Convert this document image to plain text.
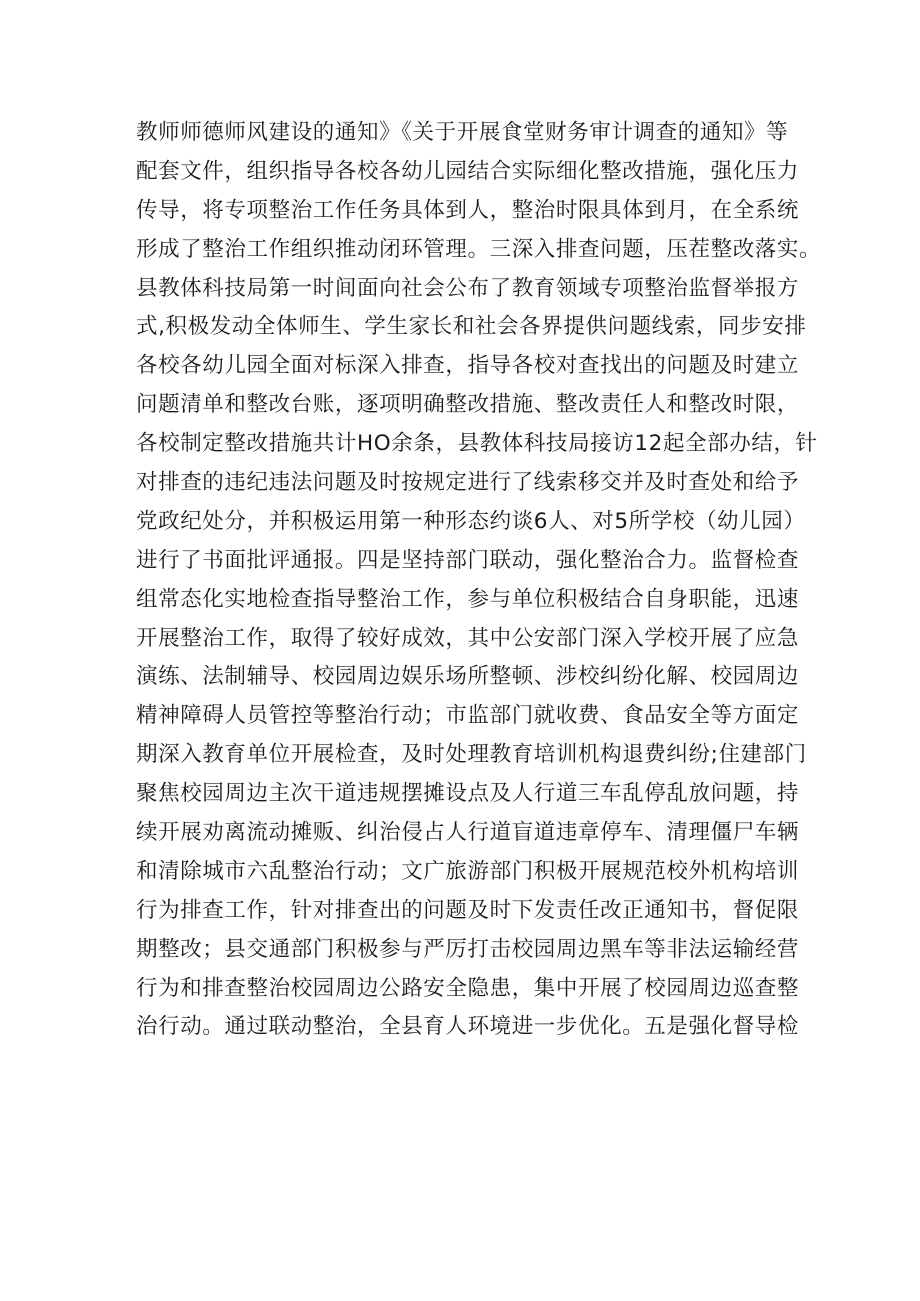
教师师德师风建设的通知》《关于开展食堂财务审计调查的通知》等
配套文件，组织指导各校各幼儿园结合实际细化整改措施，强化压力
传导，将专项整治工作任务具体到人，整治时限具体到月，在全系统
形成了整治工作组织推动闭环管理。三深入排查问题，压茬整改落实。
县教体科技局第一时间面向社会公布了教育领域专项整治监督举报方
式,积极发动全体师生、学生家长和社会各界提供问题线索，同步安排
各校各幼儿园全面对标深入排查，指导各校对查找出的问题及时建立
问题清单和整改台账，逐项明确整改措施、整改责任人和整改时限，
各校制定整改措施共计HO余条，县教体科技局接访12起全部办结，针
对排查的违纪违法问题及时按规定进行了线索移交并及时查处和给予
党政纪处分，并积极运用第一种形态约谈6人、对5所学校（幼儿园）
进行了书面批评通报。四是坚持部门联动，强化整治合力。监督检查
组常态化实地检查指导整治工作，参与单位积极结合自身职能，迅速
开展整治工作，取得了较好成效，其中公安部门深入学校开展了应急
演练、法制辅导、校园周边娱乐场所整顿、涉校纠纷化解、校园周边
精神障碍人员管控等整治行动；市监部门就收费、食品安全等方面定
期深入教育单位开展检查，及时处理教育培训机构退费纠纷;住建部门
聚焦校园周边主次干道违规摆摊设点及人行道三车乱停乱放问题，持
续开展劝离流动摊贩、纠治侵占人行道盲道违章停车、清理僵尸车辆
和清除城市六乱整治行动；文广旅游部门积极开展规范校外机构培训
行为排查工作，针对排查出的问题及时下发责任改正通知书，督促限
期整改；县交通部门积极参与严厉打击校园周边黑车等非法运输经营
行为和排查整治校园周边公路安全隐患，集中开展了校园周边巡查整
治行动。通过联动整治，全县育人环境进一步优化。五是强化督导检
